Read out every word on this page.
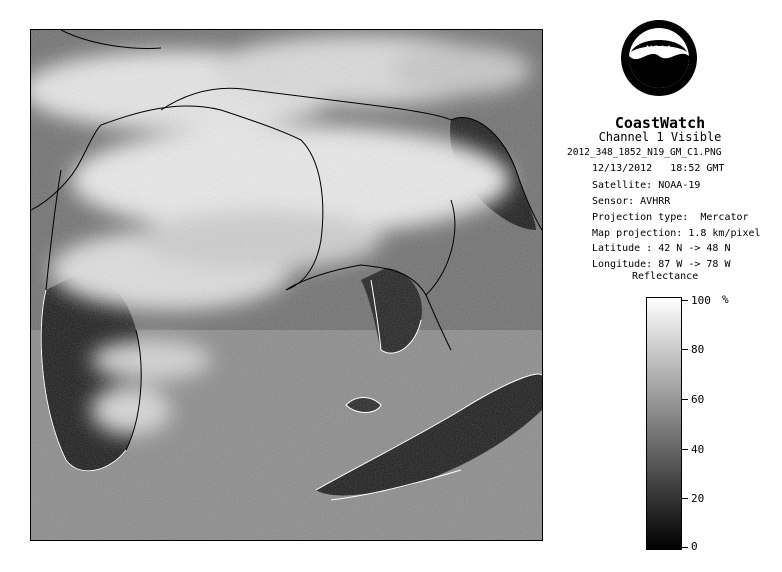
NOAA
CoastWatch
Channel 1 Visible
2012_348_1852_N19_GM_C1.PNG
12/13/2012   18:52 GMT
Satellite: NOAA-19
Sensor: AVHRR
Projection type:  Mercator
Map projection: 1.8 km/pixel
Latitude : 42 N -> 48 N
Longitude: 87 W -> 78 W
Reflectance
%
100
80
60
40
20
0
